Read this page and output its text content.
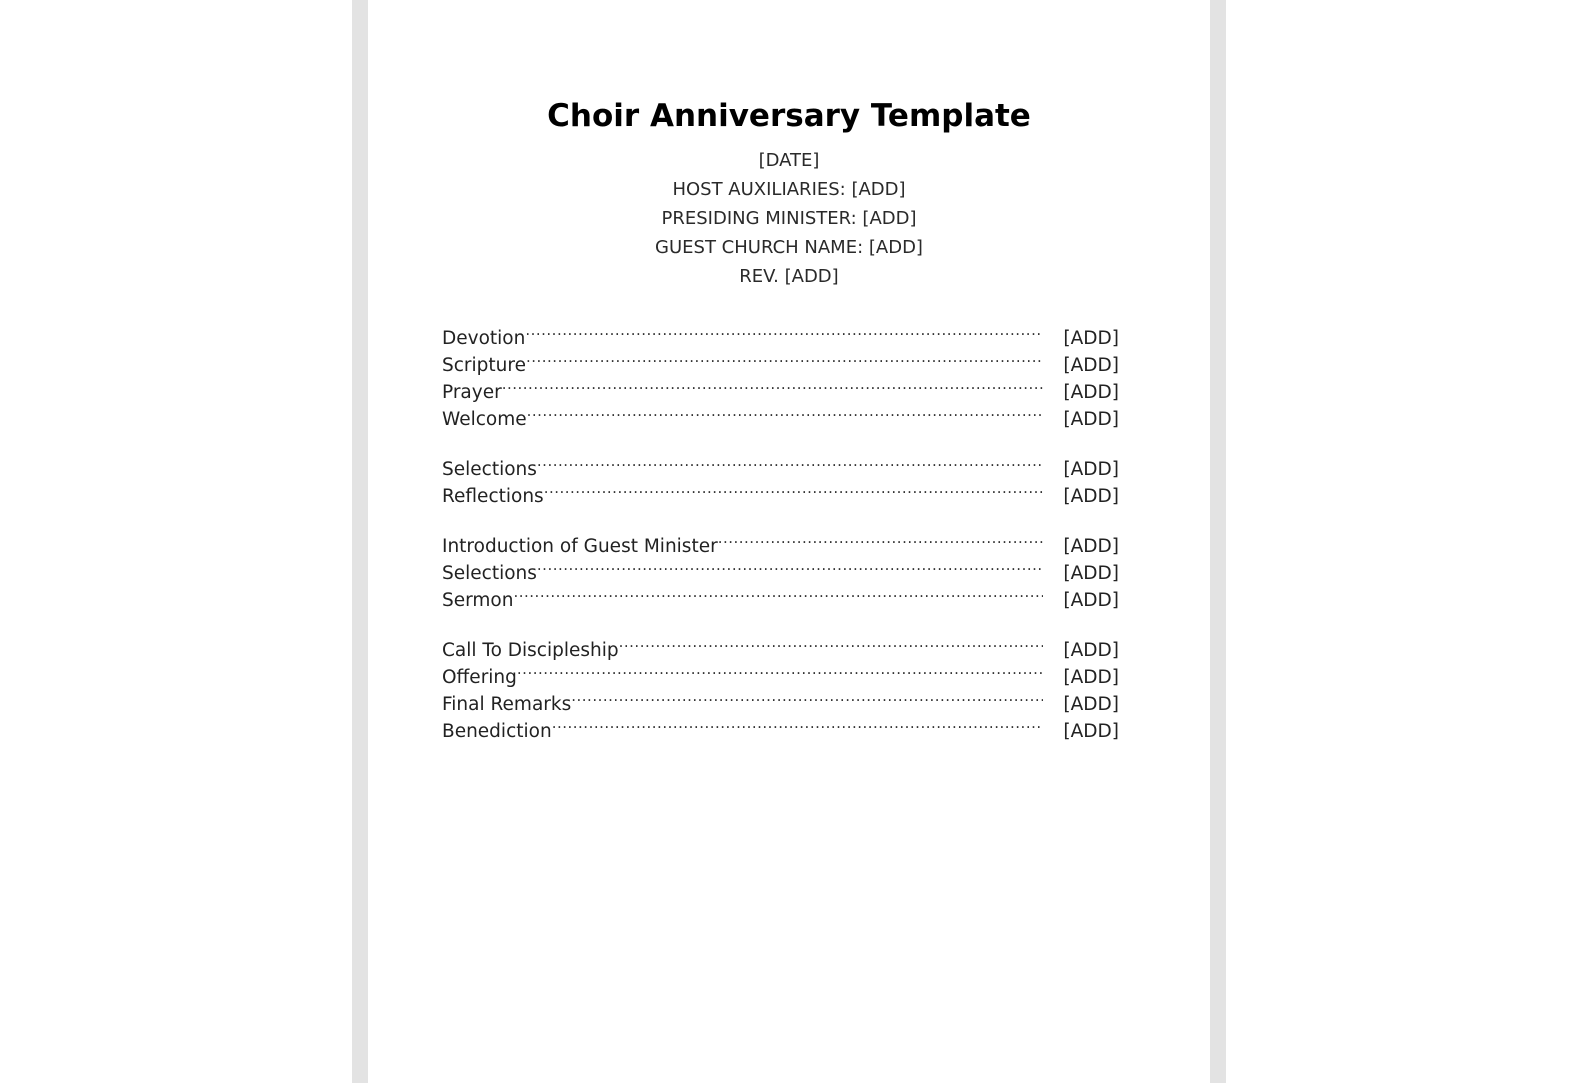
Choir Anniversary Template
[DATE]
HOST AUXILIARIES: [ADD]
PRESIDING MINISTER: [ADD]
GUEST CHURCH NAME: [ADD]
REV. [ADD]
Devotion .....	[ADD]
Scripture .....	[ADD]
Prayer .....	[ADD]
Welcome .....	[ADD]
Selections .....	[ADD]
Reflections .....	[ADD]
Introduction of Guest Minister .....	[ADD]
Selections .....	[ADD]
Sermon .....	[ADD]
Call To Discipleship .....	[ADD]
Offering .....	[ADD]
Final Remarks .....	[ADD]
Benediction .....	[ADD]
